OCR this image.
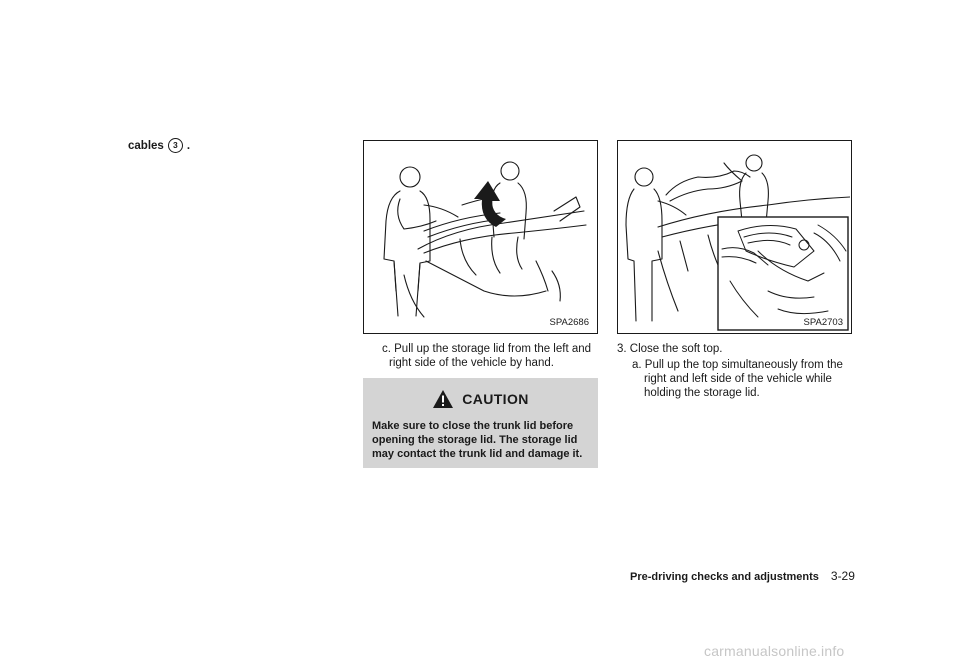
cables	3 .
SPA2686	SPA2703
c. Pull up the storage lid from the left and right side of the vehicle by hand.
CAUTION
Make sure to close the trunk lid before opening the storage lid. The storage lid may contact the trunk lid and damage it.
3. Close the soft top.
a. Pull up the top simultaneously from the right and left side of the vehicle while holding the storage lid.
Pre-driving checks and adjustments 3-29
carmanualsonline.info
